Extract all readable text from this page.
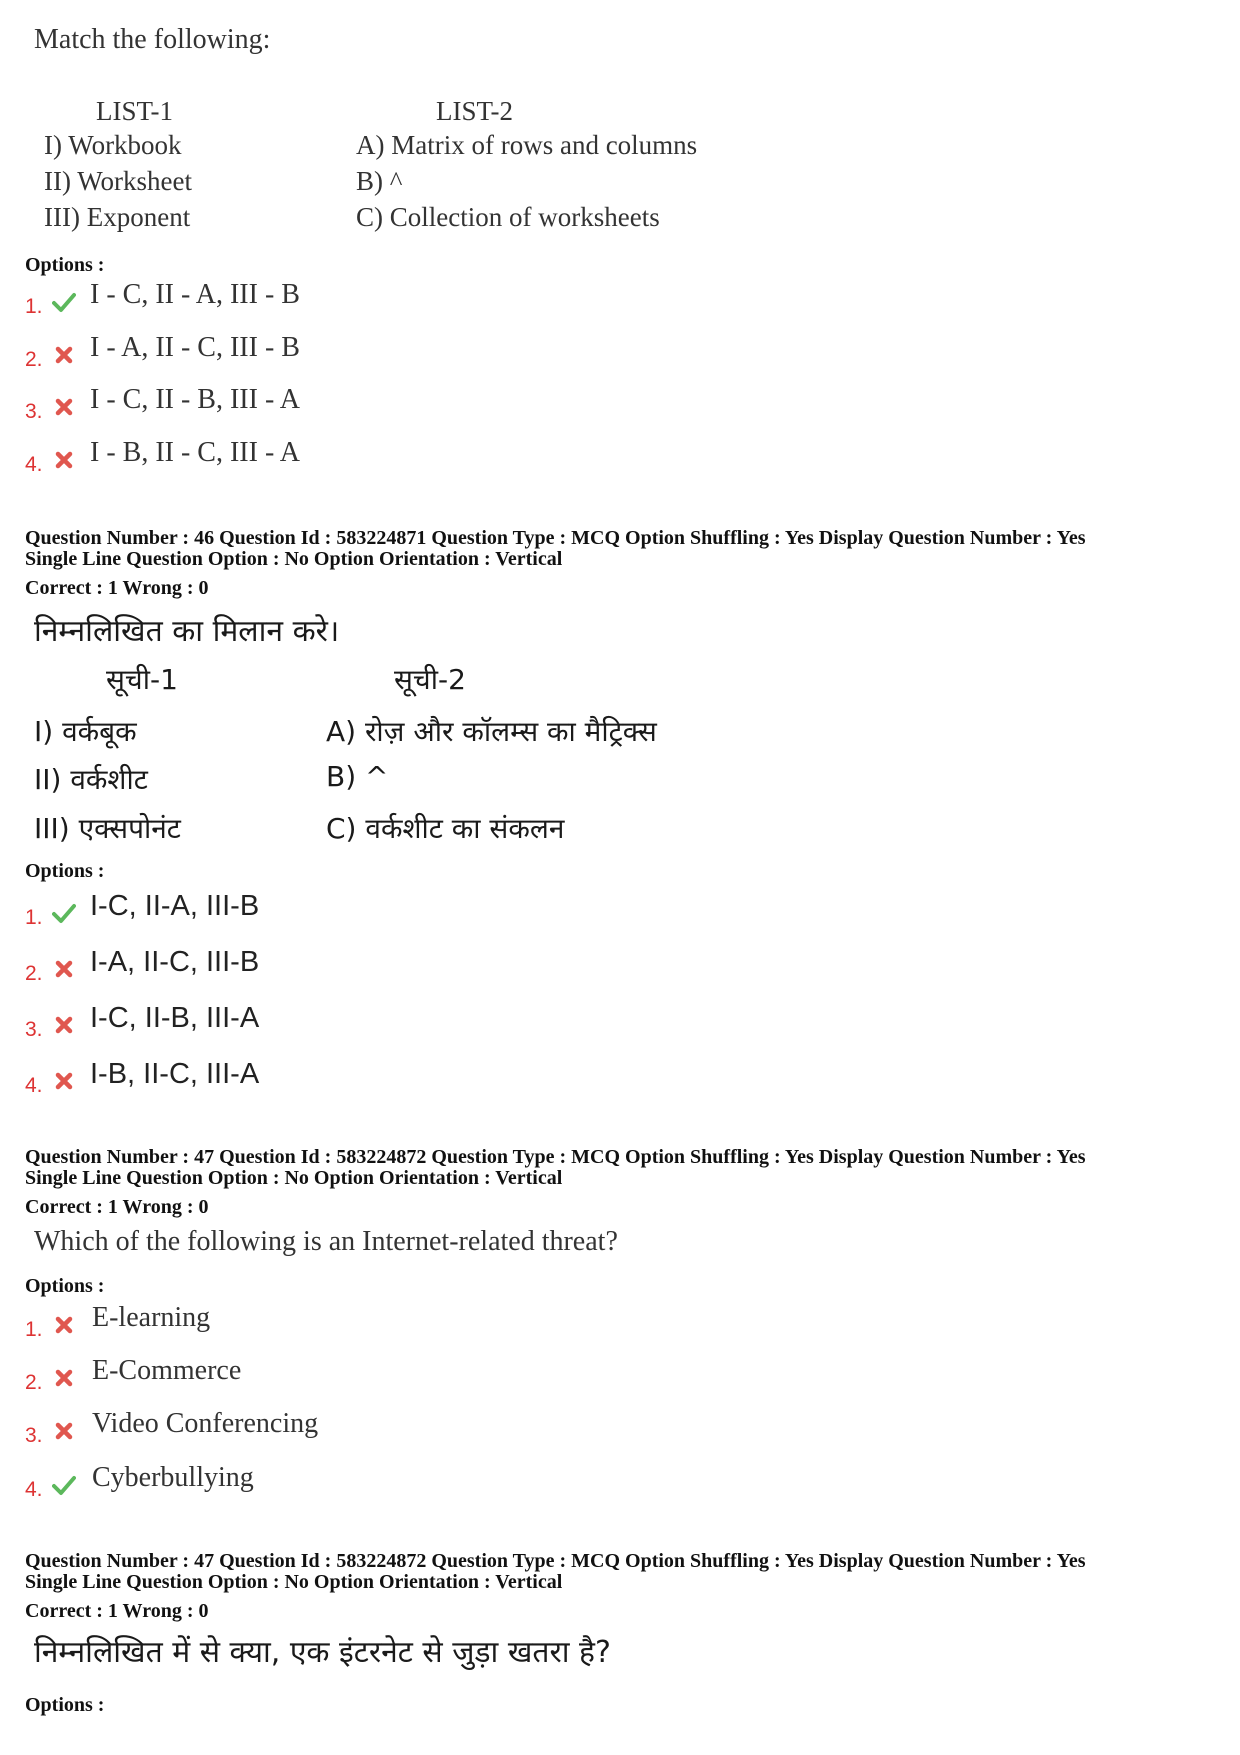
Match the following:
LIST-1	LIST-2
I) Workbook
II) Worksheet
III) Exponent
A) Matrix of rows and columns
B) ^
C) Collection of worksheets
Options :
1. I - C, II - A, III - B
2. I - A, II - C, III - B
3. I - C, II - B, III - A
4. I - B, II - C, III - A
Question Number : 46 Question Id : 583224871 Question Type : MCQ Option Shuffling : Yes Display Question Number : Yes
Single Line Question Option : No Option Orientation : Vertical
Correct : 1 Wrong : 0
निम्नलिखित का मिलान करे।
सूची-1	सूची-2
I) वर्कबूक
II) वर्कशीट
III) एक्सपोनंट
A) रोज़ और कॉलम्स का मैट्रिक्स
B) ^
C) वर्कशीट का संकलन
Options :
1. I-C, II-A, III-B
2. I-A, II-C, III-B
3. I-C, II-B, III-A
4. I-B, II-C, III-A
Question Number : 47 Question Id : 583224872 Question Type : MCQ Option Shuffling : Yes Display Question Number : Yes
Single Line Question Option : No Option Orientation : Vertical
Correct : 1 Wrong : 0
Which of the following is an Internet-related threat?
Options :
1. E-learning
2. E-Commerce
3. Video Conferencing
4. Cyberbullying
Question Number : 47 Question Id : 583224872 Question Type : MCQ Option Shuffling : Yes Display Question Number : Yes
Single Line Question Option : No Option Orientation : Vertical
Correct : 1 Wrong : 0
निम्नलिखित में से क्या, एक इंटरनेट से जुड़ा खतरा है?
Options :
